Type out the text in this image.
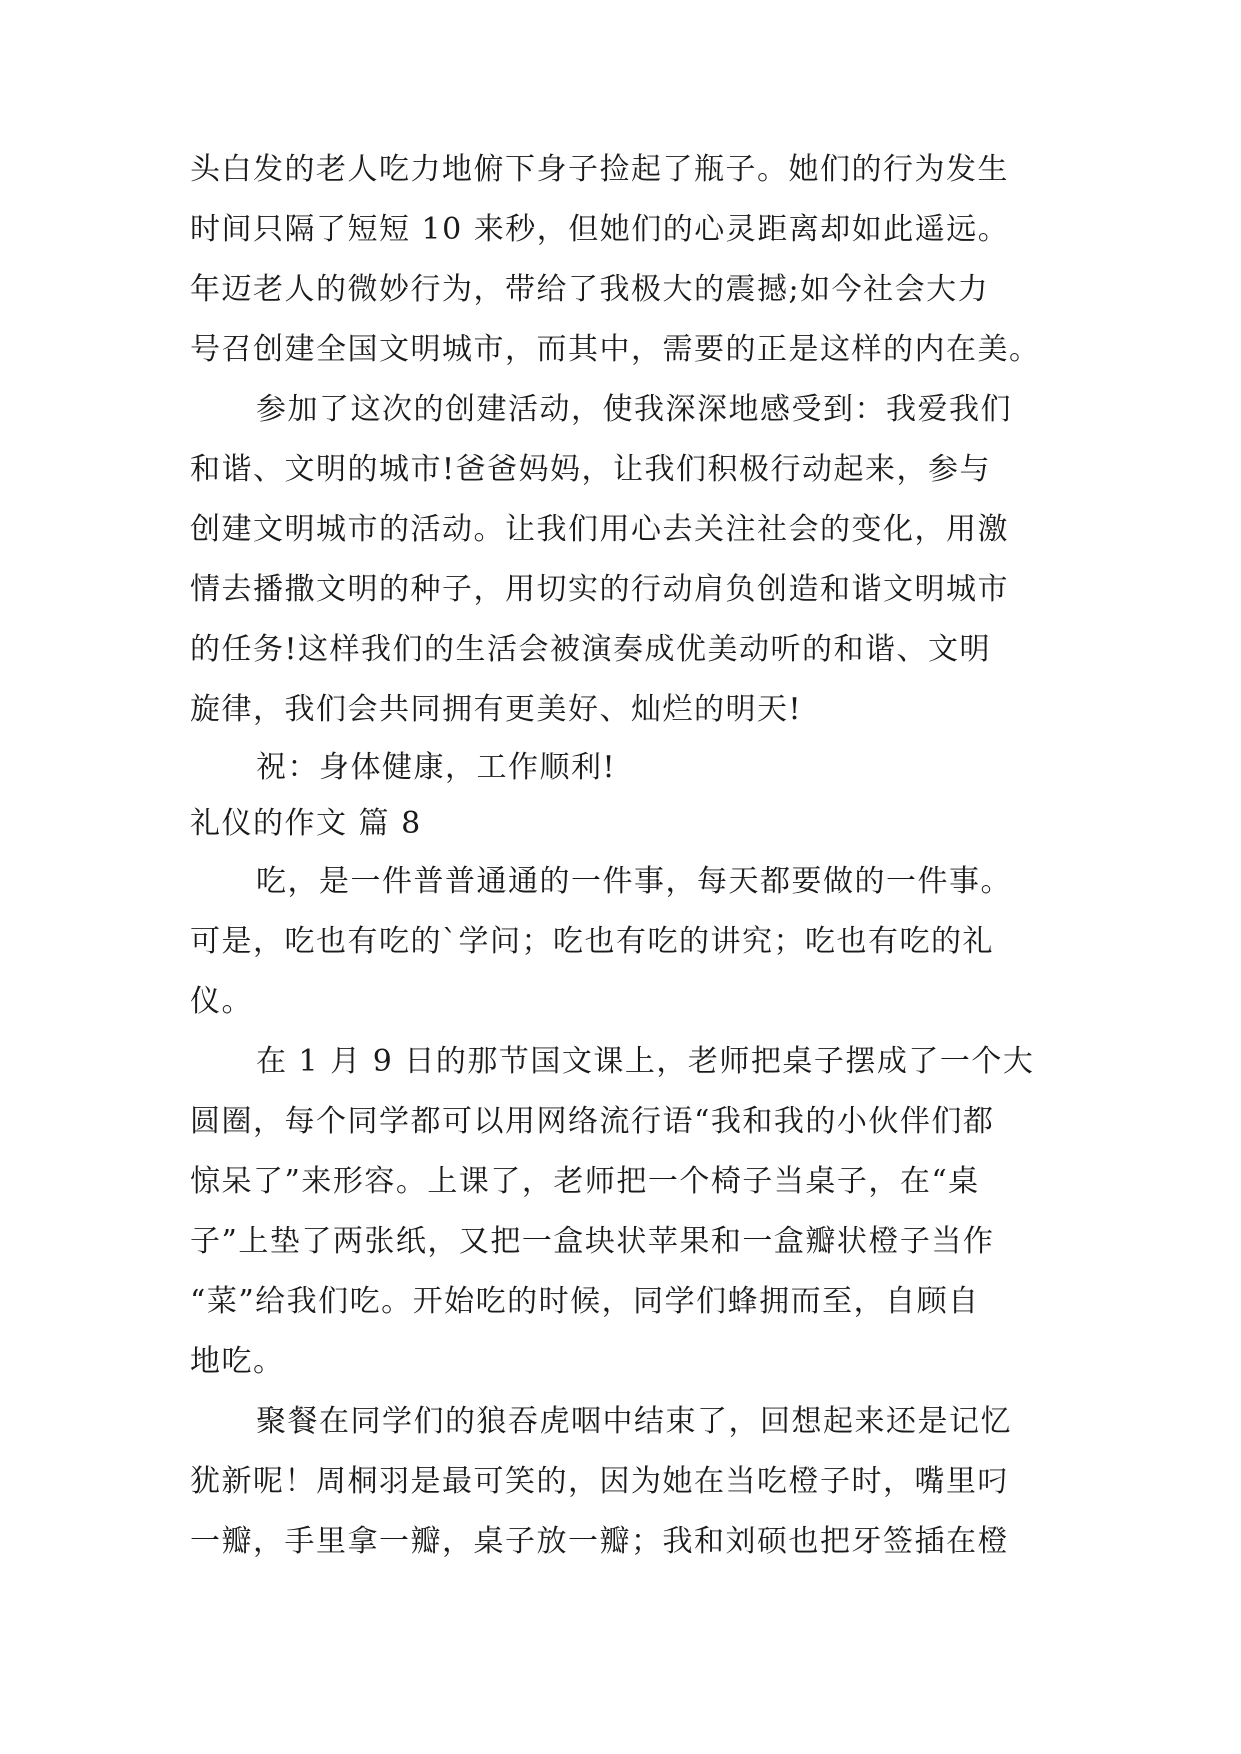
头白发的老人吃力地俯下身子捡起了瓶子。她们的行为发生
时间只隔了短短 10 来秒，但她们的心灵距离却如此遥远。
年迈老人的微妙行为，带给了我极大的震撼;如今社会大力
号召创建全国文明城市，而其中，需要的正是这样的内在美。
参加了这次的创建活动，使我深深地感受到：我爱我们
和谐、文明的城市!爸爸妈妈，让我们积极行动起来，参与
创建文明城市的活动。让我们用心去关注社会的变化，用激
情去播撒文明的种子，用切实的行动肩负创造和谐文明城市
的任务!这样我们的生活会被演奏成优美动听的和谐、文明
旋律，我们会共同拥有更美好、灿烂的明天!
祝：身体健康，工作顺利!
礼仪的作文 篇 8
吃，是一件普普通通的一件事，每天都要做的一件事。
可是，吃也有吃的`学问；吃也有吃的讲究；吃也有吃的礼
仪。
在 1 月 9 日的那节国文课上，老师把桌子摆成了一个大
圆圈，每个同学都可以用网络流行语“我和我的小伙伴们都
惊呆了”来形容。上课了，老师把一个椅子当桌子，在“桌
子”上垫了两张纸，又把一盒块状苹果和一盒瓣状橙子当作
“菜”给我们吃。开始吃的时候，同学们蜂拥而至，自顾自
地吃。
聚餐在同学们的狼吞虎咽中结束了，回想起来还是记忆
犹新呢！周桐羽是最可笑的，因为她在当吃橙子时，嘴里叼
一瓣，手里拿一瓣，桌子放一瓣；我和刘硕也把牙签插在橙
